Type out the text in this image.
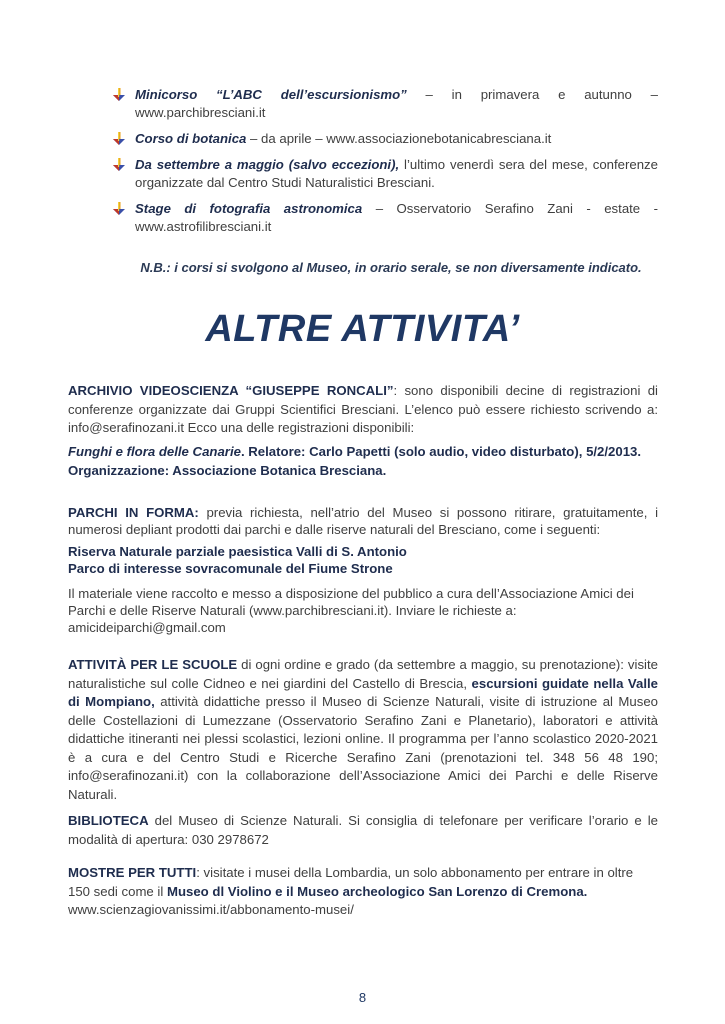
Minicorso “L’ABC dell’escursionismo” – in primavera e autunno – www.parchibresciani.it
Corso di botanica – da aprile – www.associazionebotanicabresciana.it
Da settembre a maggio (salvo eccezioni), l’ultimo venerdì sera del mese, conferenze organizzate dal Centro Studi Naturalistici Bresciani.
Stage di fotografia astronomica – Osservatorio Serafino Zani - estate - www.astrofilibresciani.it
N.B.: i corsi si svolgono al Museo, in orario serale, se non diversamente indicato.
ALTRE ATTIVITA’

ARCHIVIO VIDEOSCIENZA “GIUSEPPE RONCALI”: sono disponibili decine di registrazioni di conferenze organizzate dai Gruppi Scientifici Bresciani. L’elenco può essere richiesto scrivendo a: info@serafinozani.it Ecco una delle registrazioni disponibili:

Funghi e flora delle Canarie. Relatore: Carlo Papetti (solo audio, video disturbato), 5/2/2013.
Organizzazione: Associazione Botanica Bresciana.

PARCHI IN FORMA: previa richiesta, nell’atrio del Museo si possono ritirare, gratuitamente, i numerosi depliant prodotti dai parchi e dalle riserve naturali del Bresciano, come i seguenti:

Riserva Naturale parziale paesistica Valli di S. Antonio
Parco di interesse sovracomunale del Fiume Strone

Il materiale viene raccolto e messo a disposizione del pubblico a cura dell’Associazione Amici dei Parchi e delle Riserve Naturali (www.parchibresciani.it). Inviare le richieste a: amicideiparchi@gmail.com

ATTIVITÀ PER LE SCUOLE di ogni ordine e grado (da settembre a maggio, su prenotazione): visite naturalistiche sul colle Cidneo e nei giardini del Castello di Brescia, escursioni guidate nella Valle di Mompiano, attività didattiche presso il Museo di Scienze Naturali, visite di istruzione al Museo delle Costellazioni di Lumezzane (Osservatorio Serafino Zani e Planetario), laboratori e attività didattiche itineranti nei plessi scolastici, lezioni online. Il programma per l’anno scolastico 2020-2021 è a cura e del Centro Studi e Ricerche Serafino Zani (prenotazioni tel. 348 56 48 190; info@serafinozani.it) con la collaborazione dell’Associazione Amici dei Parchi e delle Riserve Naturali.

BIBLIOTECA del Museo di Scienze Naturali. Si consiglia di telefonare per verificare l’orario e le modalità di apertura: 030 2978672

MOSTRE PER TUTTI: visitate i musei della Lombardia, un solo abbonamento per entrare in oltre 150 sedi come il Museo dl Violino e il Museo archeologico San Lorenzo di Cremona.
www.scienzagiovanissimi.it/abbonamento-musei/

8
